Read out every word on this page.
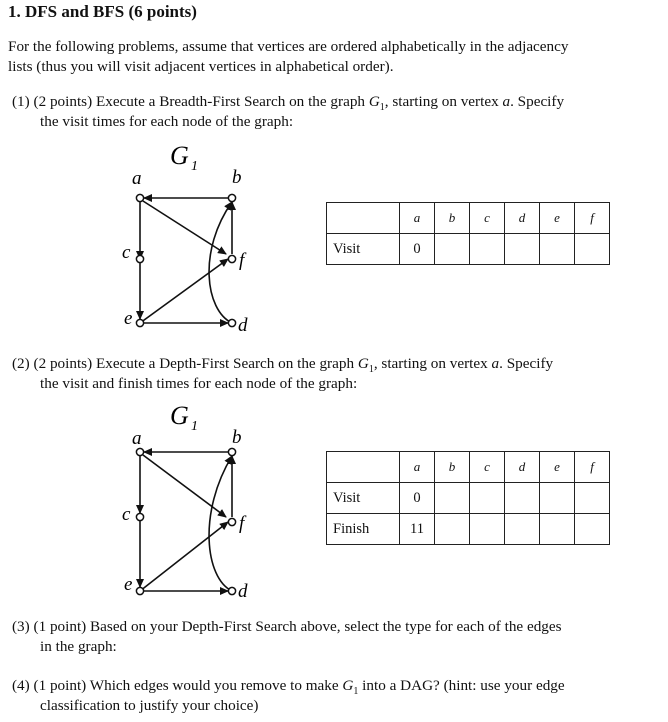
1. DFS and BFS (6 points)
For the following problems, assume that vertices are ordered alphabetically in the adjacency
lists (thus you will visit adjacent vertices in alphabetical order).
(1) (2 points) Execute a Breadth-First Search on the graph $G_1$, starting on vertex a. Specify
the visit times for each node of the graph:
G 1
a	b
c
d
e
f
	a	b	c	d	e	f
Visit	0					
(2) (2 points) Execute a Depth-First Search on the graph $G_1$, starting on vertex a. Specify
the visit and finish times for each node of the graph:
G 1
a	b
c
d
e
f
	a	b	c	d	e	f
Visit	0					
Finish	11					
(3) (1 point) Based on your Depth-First Search above, select the type for each of the edges
in the graph:
(4) (1 point) Which edges would you remove to make $G_1$ into a DAG? (hint: use your edge
classification to justify your choice)
